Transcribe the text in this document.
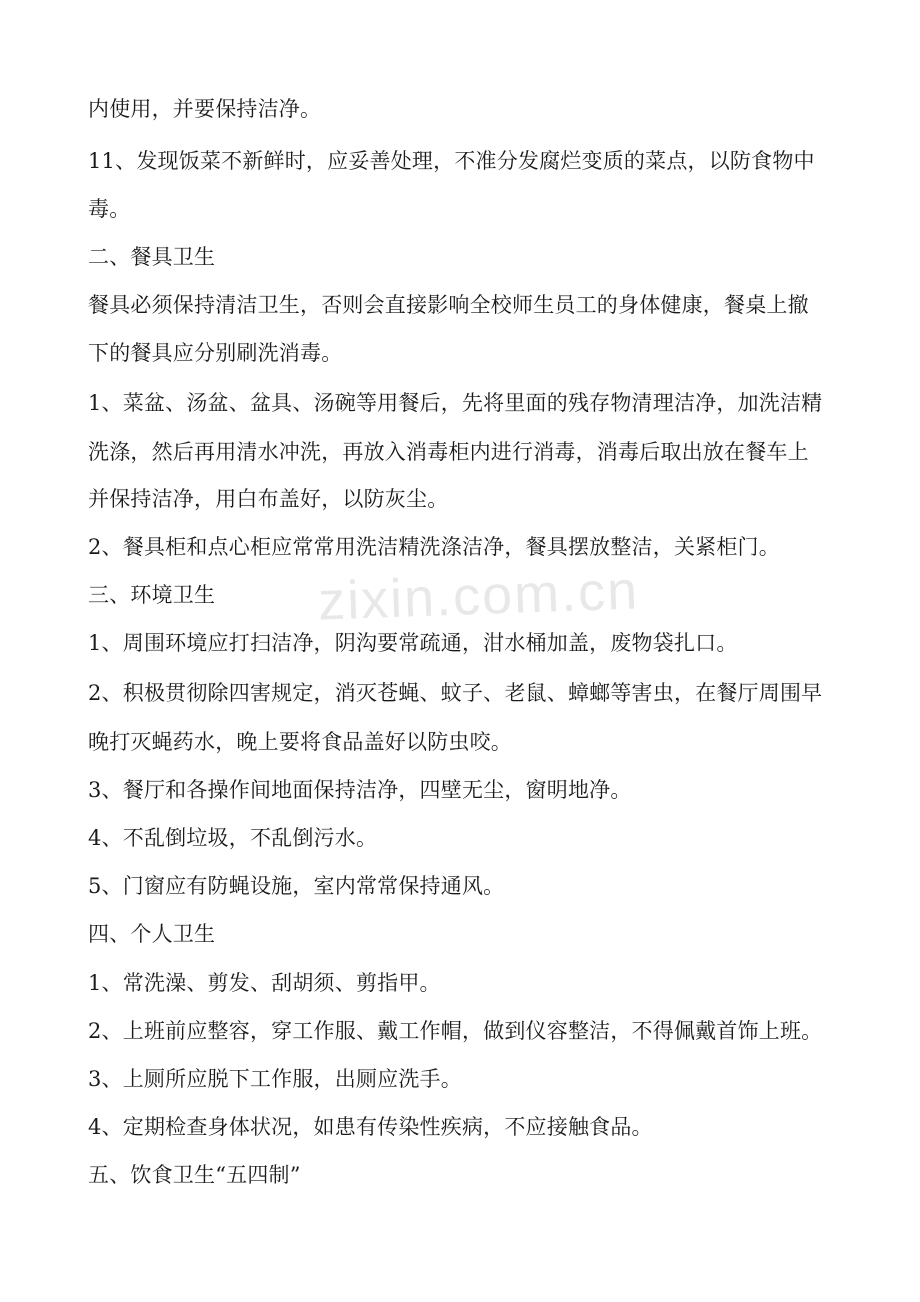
内使用，并要保持洁净。
11、发现饭菜不新鲜时，应妥善处理，不准分发腐烂变质的菜点，以防食物中
毒。
二、餐具卫生
餐具必须保持清洁卫生，否则会直接影响全校师生员工的身体健康，餐桌上撤
下的餐具应分别刷洗消毒。
1、菜盆、汤盆、盆具、汤碗等用餐后，先将里面的残存物清理洁净，加洗洁精
洗涤，然后再用清水冲洗，再放入消毒柜内进行消毒，消毒后取出放在餐车上
并保持洁净，用白布盖好，以防灰尘。
2、餐具柜和点心柜应常常用洗洁精洗涤洁净，餐具摆放整洁，关紧柜门。
三、环境卫生
1、周围环境应打扫洁净，阴沟要常疏通，泔水桶加盖，废物袋扎口。
2、积极贯彻除四害规定，消灭苍蝇、蚊子、老鼠、蟑螂等害虫，在餐厅周围早
晚打灭蝇药水，晚上要将食品盖好以防虫咬。
3、餐厅和各操作间地面保持洁净，四壁无尘，窗明地净。
4、不乱倒垃圾，不乱倒污水。
5、门窗应有防蝇设施，室内常常保持通风。
四、个人卫生
1、常洗澡、剪发、刮胡须、剪指甲。
2、上班前应整容，穿工作服、戴工作帽，做到仪容整洁，不得佩戴首饰上班。
3、上厕所应脱下工作服，出厕应洗手。
4、定期检查身体状况，如患有传染性疾病，不应接触食品。
五、饮食卫生“五四制”
zixin.com.cn
